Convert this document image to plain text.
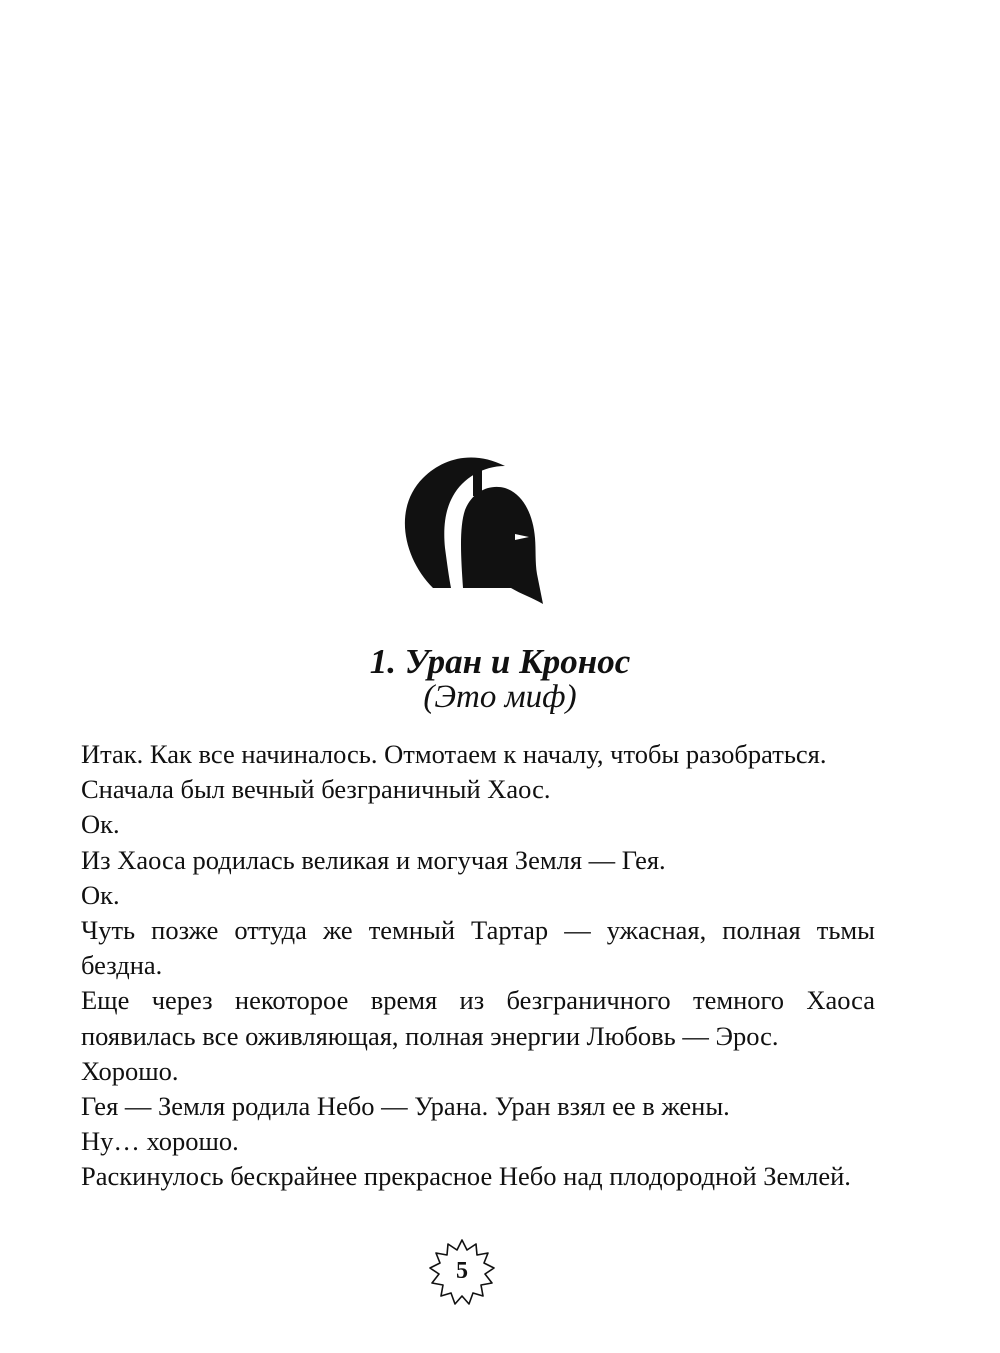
1. Уран и Кронос
(Это миф)

Итак. Как все начиналось. Отмотаем к началу, чтобы разобраться.

Сначала был вечный безграничный Хаос.

Ок.

Из Хаоса родилась великая и могучая Земля — Гея.

Ок.

Чуть позже оттуда же темный Тартар — ужасная, полная тьмы бездна.

Еще через некоторое время из безграничного темного Хаоса появилась все оживляющая, полная энергии Любовь — Эрос.

Хорошо.

Гея — Земля родила Небо — Урана. Уран взял ее в жены.

Ну… хорошо.

Раскинулось бескрайнее прекрасное Небо над плодородной Землей.

5
